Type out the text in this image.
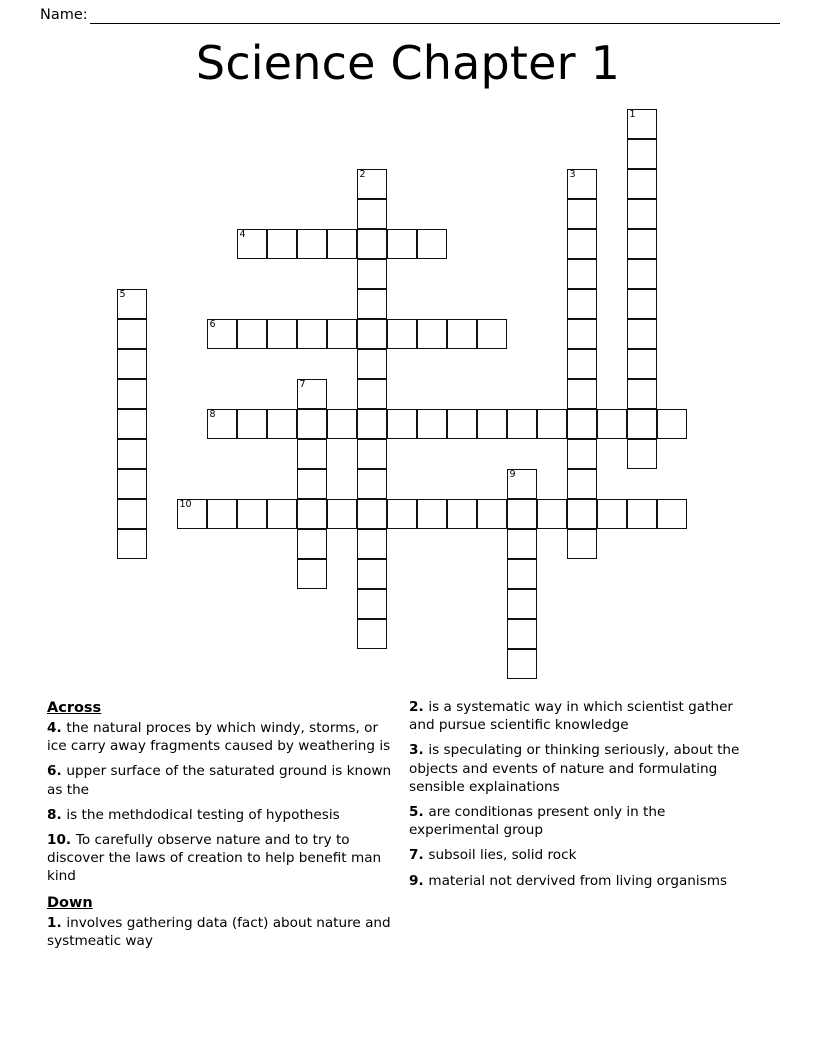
Name:
Science Chapter 1
1
2	3
4
5
6
7
8
9
10
Across
4. the natural proces by which windy, storms, or ice carry away fragments caused by weathering is
6. upper surface of the saturated ground is known as the
8. is the methdodical testing of hypothesis
10. To carefully observe nature and to try to discover the laws of creation to help benefit man kind
Down
1. involves gathering data (fact) about nature and systmeatic way
2. is a systematic way in which scientist gather and pursue scientific knowledge
3. is speculating or thinking seriously, about the objects and events of nature and formulating sensible explainations
5. are conditionas present only in the experimental group
7. subsoil lies, solid rock
9. material not dervived from living organisms
